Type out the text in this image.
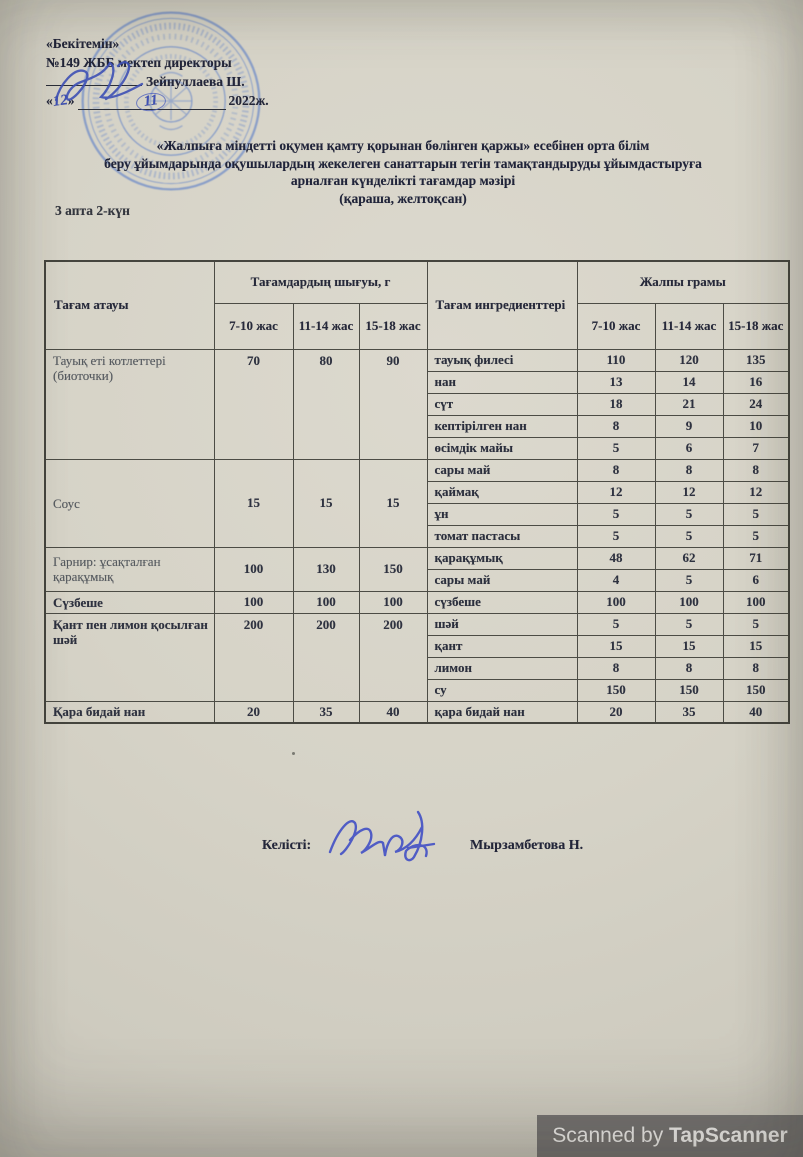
«Бекітемін»
№149 ЖББ мектеп директоры
Зейнуллаева Ш.
«12»	11	2022ж.
«Жалпыға міндетті оқумен қамту қорынан бөлінген қаржы» есебінен орта білім
беру ұйымдарында оқушылардың жекелеген санаттарын тегін тамақтандыруды ұйымдастыруға
арналған күнделікті тағамдар мәзірі
(қараша, желтоқсан)
3 апта 2-күн
Тағам атауы	Тағамдардың шығуы, г			Тағам ингредиенттері	Жалпы грамы		
	7-10 жас	11-14 жас	15-18 жас		7-10 жас	11-14 жас	15-18 жас
Тауық еті котлеттері (биоточки)	70	80	90	тауық филесі	110	120	135
				нан	13	14	16
				сүт	18	21	24
				кептірілген нан	8	9	10
				өсімдік майы	5	6	7
Соус	15	15	15	сары май	8	8	8
				қаймақ	12	12	12
				ұн	5	5	5
				томат пастасы	5	5	5
Гарнир: ұсақталған қарақұмық	100	130	150	қарақұмық	48	62	71
				сары май	4	5	6
Сүзбеше	100	100	100	сүзбеше	100	100	100
Қант пен лимон қосылған шәй	200	200	200	шәй	5	5	5
				қант	15	15	15
				лимон	8	8	8
				су	150	150	150
Қара бидай нан	20	35	40	қара бидай нан	20	35	40
Келісті:	Мырзамбетова Н.
Scanned by TapScanner
